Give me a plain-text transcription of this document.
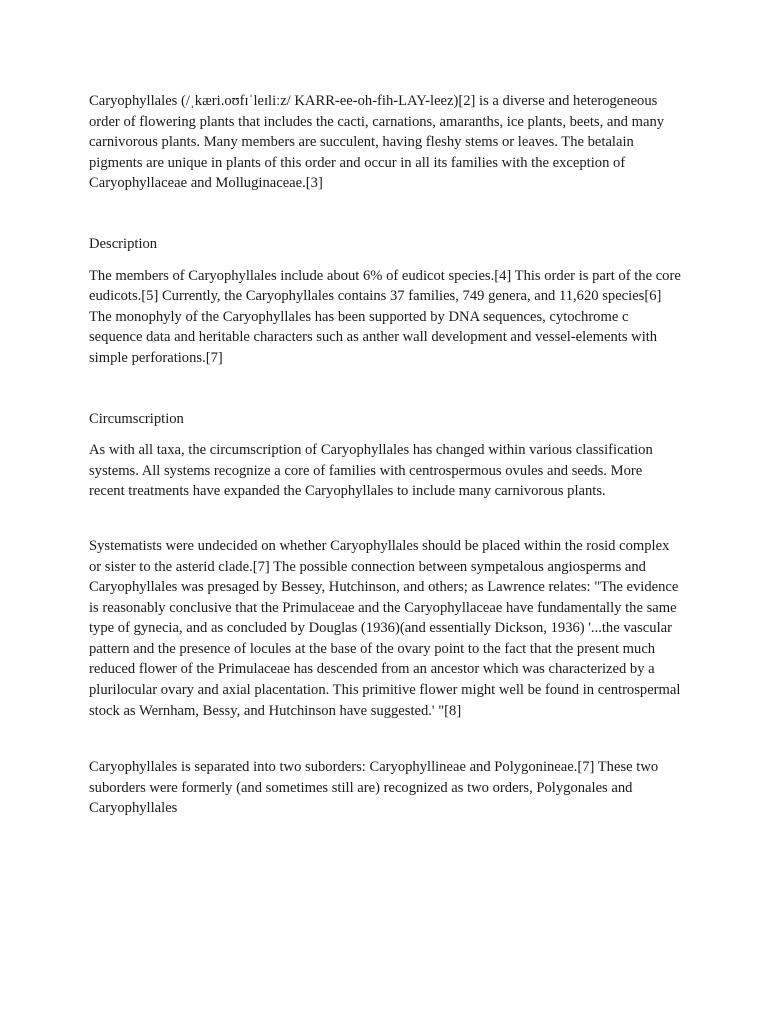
Caryophyllales (/ˌkæri.oʊfɪˈleɪliːz/ KARR-ee-oh-fih-LAY-leez)[2] is a diverse and heterogeneous order of flowering plants that includes the cacti, carnations, amaranths, ice plants, beets, and many carnivorous plants. Many members are succulent, having fleshy stems or leaves. The betalain pigments are unique in plants of this order and occur in all its families with the exception of Caryophyllaceae and Molluginaceae.[3]

Description

The members of Caryophyllales include about 6% of eudicot species.[4] This order is part of the core eudicots.[5] Currently, the Caryophyllales contains 37 families, 749 genera, and 11,620 species[6] The monophyly of the Caryophyllales has been supported by DNA sequences, cytochrome c sequence data and heritable characters such as anther wall development and vessel-elements with simple perforations.[7]

Circumscription

As with all taxa, the circumscription of Caryophyllales has changed within various classification systems. All systems recognize a core of families with centrospermous ovules and seeds. More recent treatments have expanded the Caryophyllales to include many carnivorous plants.

Systematists were undecided on whether Caryophyllales should be placed within the rosid complex or sister to the asterid clade.[7] The possible connection between sympetalous angiosperms and Caryophyllales was presaged by Bessey, Hutchinson, and others; as Lawrence relates: "The evidence is reasonably conclusive that the Primulaceae and the Caryophyllaceae have fundamentally the same type of gynecia, and as concluded by Douglas (1936)(and essentially Dickson, 1936) '...the vascular pattern and the presence of locules at the base of the ovary point to the fact that the present much reduced flower of the Primulaceae has descended from an ancestor which was characterized by a plurilocular ovary and axial placentation. This primitive flower might well be found in centrospermal stock as Wernham, Bessy, and Hutchinson have suggested.' "[8]

Caryophyllales is separated into two suborders: Caryophyllineae and Polygonineae.[7] These two suborders were formerly (and sometimes still are) recognized as two orders, Polygonales and Caryophyllales
